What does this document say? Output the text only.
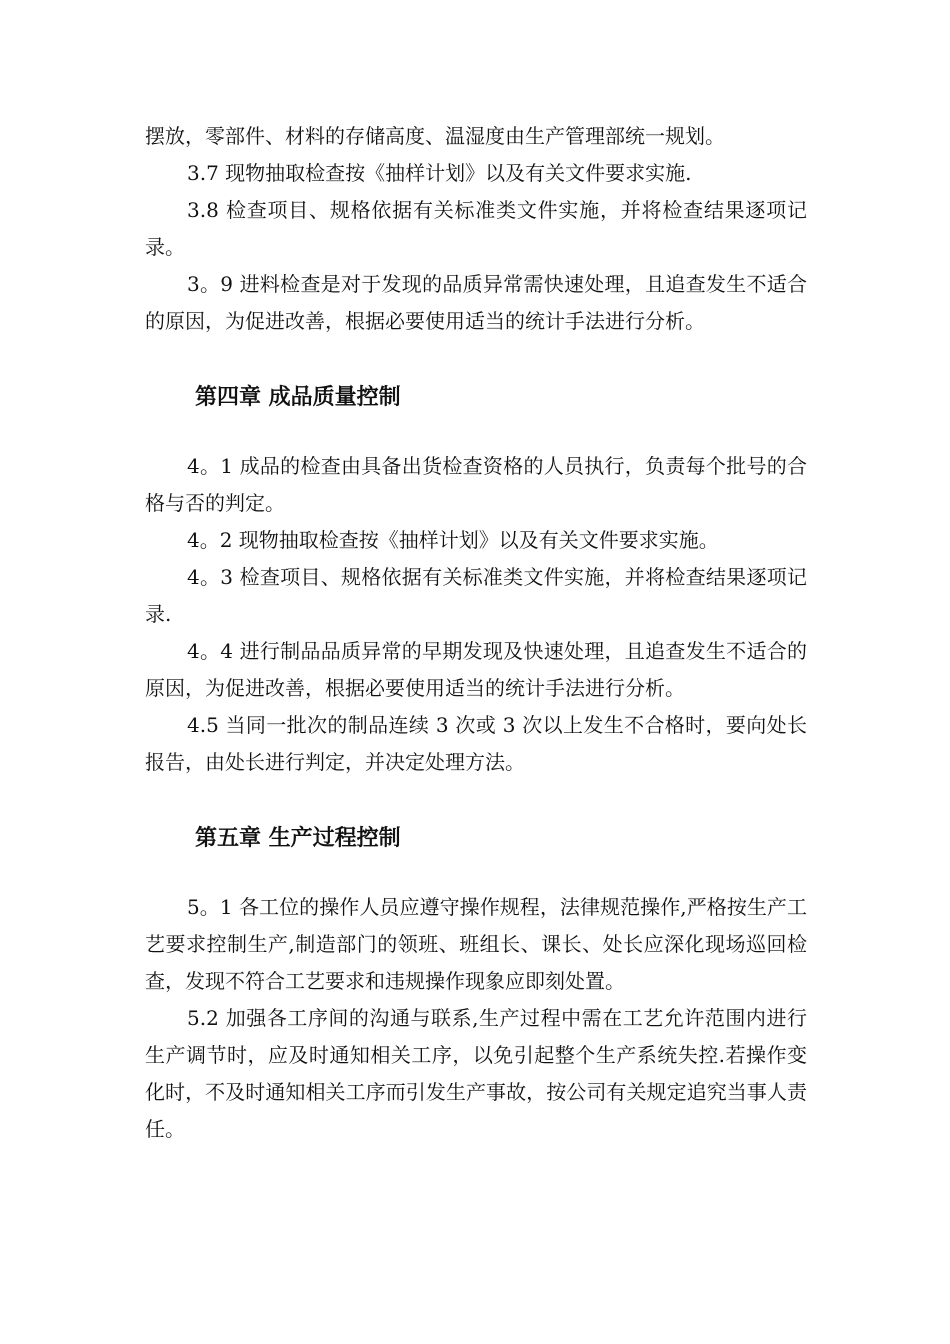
摆放，零部件、材料的存储高度、温湿度由生产管理部统一规划。

3.7 现物抽取检查按《抽样计划》以及有关文件要求实施.

3.8 检查项目、规格依据有关标准类文件实施，并将检查结果逐项记录。

3。9 进料检查是对于发现的品质异常需快速处理，且追查发生不适合的原因，为促进改善，根据必要使用适当的统计手法进行分析。

第四章 成品质量控制

4。1 成品的检查由具备出货检查资格的人员执行，负责每个批号的合格与否的判定。

4。2 现物抽取检查按《抽样计划》以及有关文件要求实施。

4。3 检查项目、规格依据有关标准类文件实施，并将检查结果逐项记录.

4。4 进行制品品质异常的早期发现及快速处理，且追查发生不适合的原因，为促进改善，根据必要使用适当的统计手法进行分析。

4.5 当同一批次的制品连续 3 次或 3 次以上发生不合格时，要向处长报告，由处长进行判定，并决定处理方法。

第五章 生产过程控制

5。1 各工位的操作人员应遵守操作规程，法律规范操作,严格按生产工艺要求控制生产,制造部门的领班、班组长、课长、处长应深化现场巡回检查，发现不符合工艺要求和违规操作现象应即刻处置。

5.2 加强各工序间的沟通与联系,生产过程中需在工艺允许范围内进行生产调节时，应及时通知相关工序，以免引起整个生产系统失控.若操作变化时，不及时通知相关工序而引发生产事故，按公司有关规定追究当事人责任。
